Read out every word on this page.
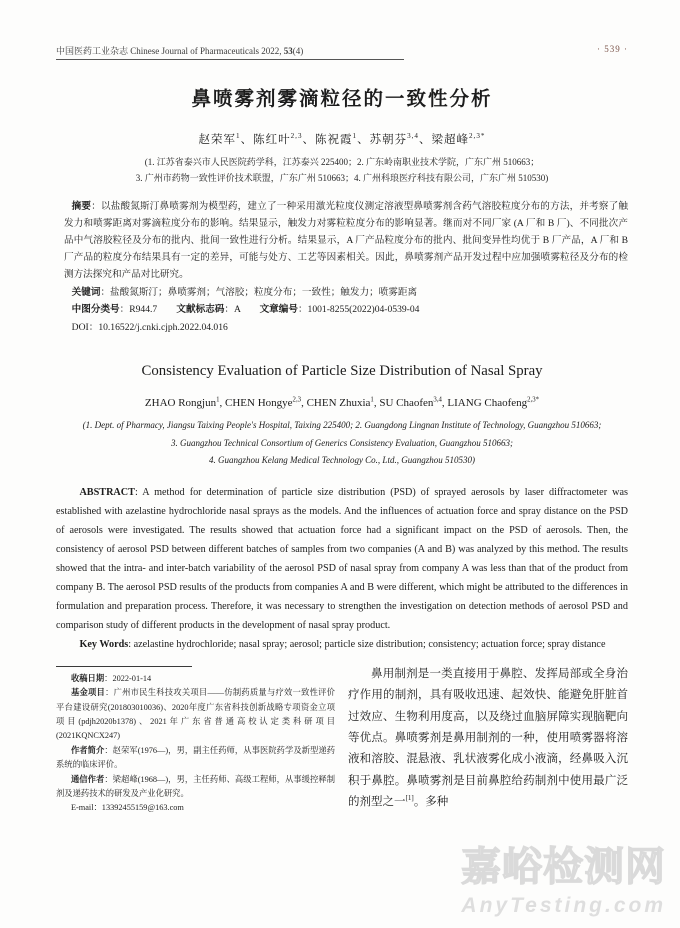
中国医药工业杂志 Chinese Journal of Pharmaceuticals 2022, 53(4)	· 539 ·
鼻喷雾剂雾滴粒径的一致性分析
赵荣军$^1$、陈红叶$^{2,3}$、陈祝霞$^1$、苏朝芬$^{3,4}$、梁超峰$^{2,3*}$
(1. 江苏省泰兴市人民医院药学科，江苏泰兴 225400；2. 广东岭南职业技术学院，广东广州 510663；
3. 广州市药物一致性评价技术联盟，广东广州 510663；4. 广州科琅医疗科技有限公司，广东广州 510530)
摘要：以盐酸氮斯汀鼻喷雾剂为模型药，建立了一种采用激光粒度仪测定溶液型鼻喷雾剂含药气溶胶粒度分布的方法，并考察了触发力和喷雾距离对雾滴粒度分布的影响。结果显示，触发力对雾粒粒度分布的影响显著。继而对不同厂家 (A 厂和 B 厂)、不同批次产品中气溶胶粒径及分布的批内、批间一致性进行分析。结果显示，A 厂产品粒度分布的批内、批间变异性均优于 B 厂产品，A 厂和 B 厂产品的粒度分布结果具有一定的差异，可能与处方、工艺等因素相关。因此，鼻喷雾剂产品开发过程中应加强喷雾粒径及分布的检测方法探究和产品对比研究。
关键词：盐酸氮斯汀；鼻喷雾剂；气溶胶；粒度分布；一致性；触发力；喷雾距离
中图分类号：R944.7　　文献标志码：A　　文章编号：1001-8255(2022)04-0539-04
DOI：10.16522/j.cnki.cjph.2022.04.016
Consistency Evaluation of Particle Size Distribution of Nasal Spray
ZHAO Rongjun$^1$, CHEN Hongye$^{2,3}$, CHEN Zhuxia$^1$, SU Chaofen$^{3,4}$, LIANG Chaofeng$^{2,3*}$
(1. Dept. of Pharmacy, Jiangsu Taixing People's Hospital, Taixing 225400; 2. Guangdong Lingnan Institute of Technology, Guangzhou 510663;
3. Guangzhou Technical Consortium of Generics Consistency Evaluation, Guangzhou 510663;
4. Guangzhou Kelang Medical Technology Co., Ltd., Guangzhou 510530)
ABSTRACT: A method for determination of particle size distribution (PSD) of sprayed aerosols by laser diffractometer was established with azelastine hydrochloride nasal sprays as the models. And the influences of actuation force and spray distance on the PSD of aerosols were investigated. The results showed that actuation force had a significant impact on the PSD of aerosols. Then, the consistency of aerosol PSD between different batches of samples from two companies (A and B) was analyzed by this method. The results showed that the intra- and inter-batch variability of the aerosol PSD of nasal spray from company A was less than that of the product from company B. The aerosol PSD results of the products from companies A and B were different, which might be attributed to the differences in formulation and preparation process. Therefore, it was necessary to strengthen the investigation on detection methods of aerosol PSD and comparison study of different products in the development of nasal spray product.
Key Words: azelastine hydrochloride; nasal spray; aerosol; particle size distribution; consistency; actuation force; spray distance

收稿日期：2022-01-14

基金项目：广州市民生科技攻关项目——仿制药质量与疗效一致性评价平台建设研究(201803010036)、2020年度广东省科技创新战略专项资金立项项目(pdjh2020b1378)、2021年广东省普通高校认定类科研项目(2021KQNCX247)

作者简介：赵荣军(1976—)，男，副主任药师，从事医院药学及新型递药系统的临床评价。

通信作者：梁超峰(1968—)，男，主任药师、高级工程师，从事缓控释制剂及递药技术的研发及产业化研究。

E-mail：13392455159@163.com

鼻用制剂是一类直接用于鼻腔、发挥局部或全身治疗作用的制剂，具有吸收迅速、起效快、能避免肝脏首过效应、生物利用度高，以及绕过血脑屏障实现脑靶向等优点。鼻喷雾剂是鼻用制剂的一种，使用喷雾器将溶液和溶胶、混悬液、乳状液雾化成小液滴，经鼻吸入沉积于鼻腔。鼻喷雾剂是目前鼻腔给药制剂中使用最广泛的剂型之一[1]。多种

嘉峪检测网
AnyTesting.com
